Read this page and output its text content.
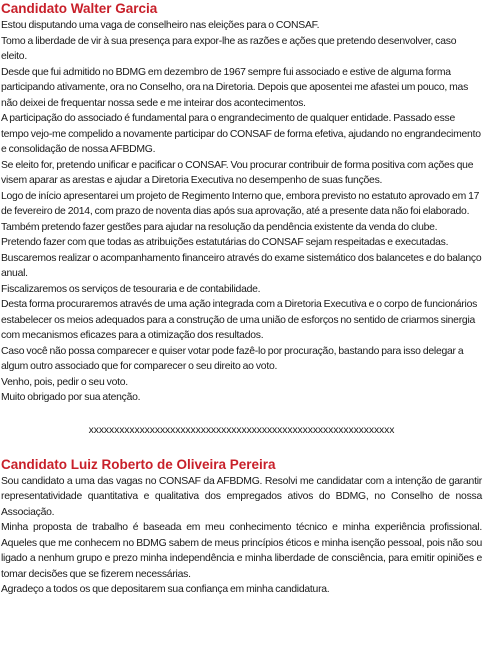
Candidato Walter Garcia

Estou disputando uma vaga de conselheiro nas eleições para o CONSAF.

Tomo a liberdade de vir à sua presença para expor-lhe as razões e ações que pretendo desenvolver, caso eleito.

Desde que fui admitido no BDMG em dezembro de 1967 sempre fui associado e estive de alguma forma participando ativamente, ora no Conselho, ora na Diretoria. Depois que aposentei me afastei um pouco, mas não deixei de frequentar nossa sede e me inteirar dos acontecimentos.

A participação do associado é fundamental para o engrandecimento de qualquer entidade. Passado esse tempo vejo-me compelido a novamente participar do CONSAF de forma efetiva, ajudando no engrandecimento e consolidação de nossa AFBDMG.

Se eleito for, pretendo unificar e pacificar o CONSAF. Vou procurar contribuir de forma positiva com ações que visem aparar as arestas e ajudar a Diretoria Executiva no desempenho de suas funções.

Logo de início apresentarei um projeto de Regimento Interno que, embora previsto no estatuto aprovado em 17 de fevereiro de 2014, com prazo de noventa dias após sua aprovação, até a presente data não foi elaborado.

Também pretendo fazer gestões para ajudar na resolução da pendência existente da venda do clube.

Pretendo fazer com que todas as atribuições estatutárias do CONSAF sejam respeitadas e executadas.

Buscaremos realizar o acompanhamento financeiro através do exame sistemático dos balancetes e do balanço anual.

Fiscalizaremos os serviços de tesouraria e de contabilidade.

Desta forma procuraremos através de uma ação integrada com a Diretoria Executiva e o corpo de funcionários estabelecer os meios adequados para a construção de uma união de esforços no sentido de criarmos sinergia com mecanismos eficazes para a otimização dos resultados.

Caso você não possa comparecer e quiser votar pode fazê-lo por procuração, bastando para isso delegar a algum outro associado que for comparecer o seu direito ao voto.

Venho, pois, pedir o seu voto.

Muito obrigado por sua atenção.

xxxxxxxxxxxxxxxxxxxxxxxxxxxxxxxxxxxxxxxxxxxxxxxxxxxxxxxxxxxx
Candidato Luiz Roberto de Oliveira Pereira

Sou candidato a uma das vagas no CONSAF da AFBDMG. Resolvi me candidatar com a intenção de garantir representatividade quantitativa e qualitativa dos empregados ativos do BDMG, no Conselho de nossa Associação.

Minha proposta de trabalho é baseada em meu conhecimento técnico e minha experiência profissional. Aqueles que me conhecem no BDMG sabem de meus princípios éticos e minha isenção pessoal, pois não sou ligado a nenhum grupo e prezo minha independência e minha liberdade de consciência, para emitir opiniões e tomar decisões que se fizerem necessárias.

Agradeço a todos os que depositarem sua confiança em minha candidatura.
